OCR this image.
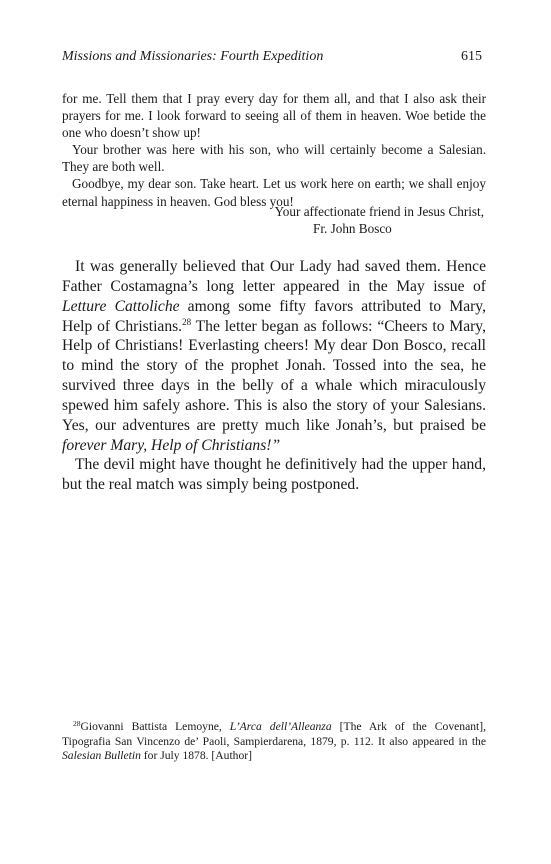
Missions and Missionaries: Fourth Expedition	615

for me. Tell them that I pray every day for them all, and that I also ask their prayers for me. I look forward to seeing all of them in heaven. Woe betide the one who doesn’t show up!

Your brother was here with his son, who will certainly become a Salesian. They are both well.

Goodbye, my dear son. Take heart. Let us work here on earth; we shall enjoy eternal happiness in heaven. God bless you!

Your affectionate friend in Jesus Christ,
Fr. John Bosco

It was generally believed that Our Lady had saved them. Hence Father Costamagna’s long letter appeared in the May issue of Letture Cattoliche among some fifty favors attributed to Mary, Help of Christians.$^{28}$ The letter began as follows: “Cheers to Mary, Help of Christians! Everlasting cheers! My dear Don Bosco, recall to mind the story of the prophet Jonah. Tossed into the sea, he survived three days in the belly of a whale which miraculously spewed him safely ashore. This is also the story of your Salesians. Yes, our adventures are pretty much like Jonah’s, but praised be forever Mary, Help of Christians!”

The devil might have thought he definitively had the upper hand, but the real match was simply being postponed.

$^{28}$Giovanni Battista Lemoyne, L’Arca dell’Alleanza [The Ark of the Covenant], Tipografia San Vincenzo de’ Paoli, Sampierdarena, 1879, p. 112. It also appeared in the Salesian Bulletin for July 1878. [Author]
